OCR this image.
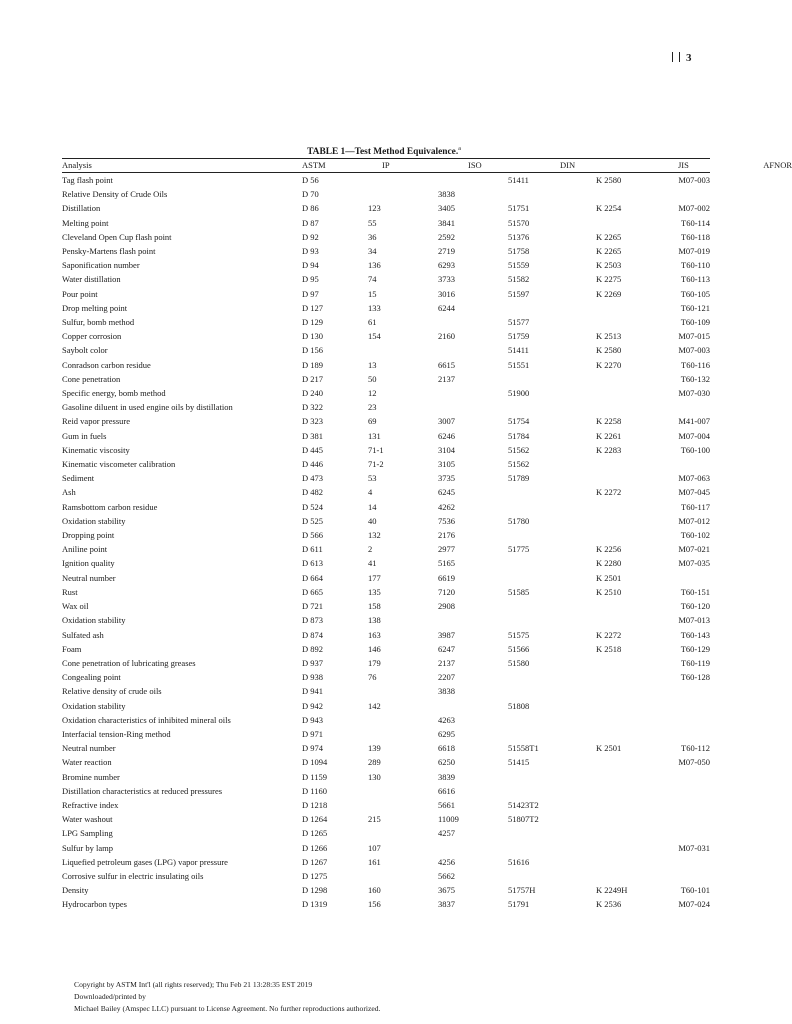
3
TABLE 1—Test Method Equivalence.$^a$
Analysis	ASTM	IP	ISO	DIN	JIS	AFNOR
Tag flash point	D 56			51411	K 2580	M07-003
Relative Density of Crude Oils	D 70		3838			
Distillation	D 86	123	3405	51751	K 2254	M07-002
Melting point	D 87	55	3841	51570		T60-114
Cleveland Open Cup flash point	D 92	36	2592	51376	K 2265	T60-118
Pensky-Martens flash point	D 93	34	2719	51758	K 2265	M07-019
Saponification number	D 94	136	6293	51559	K 2503	T60-110
Water distillation	D 95	74	3733	51582	K 2275	T60-113
Pour point	D 97	15	3016	51597	K 2269	T60-105
Drop melting point	D 127	133	6244			T60-121
Sulfur, bomb method	D 129	61		51577		T60-109
Copper corrosion	D 130	154	2160	51759	K 2513	M07-015
Saybolt color	D 156			51411	K 2580	M07-003
Conradson carbon residue	D 189	13	6615	51551	K 2270	T60-116
Cone penetration	D 217	50	2137			T60-132
Specific energy, bomb method	D 240	12		51900		M07-030
Gasoline diluent in used engine oils by distillation	D 322	23				
Reid vapor pressure	D 323	69	3007	51754	K 2258	M41-007
Gum in fuels	D 381	131	6246	51784	K 2261	M07-004
Kinematic viscosity	D 445	71-1	3104	51562	K 2283	T60-100
Kinematic viscometer calibration	D 446	71-2	3105	51562		
Sediment	D 473	53	3735	51789		M07-063
Ash	D 482	4	6245		K 2272	M07-045
Ramsbottom carbon residue	D 524	14	4262			T60-117
Oxidation stability	D 525	40	7536	51780		M07-012
Dropping point	D 566	132	2176			T60-102
Aniline point	D 611	2	2977	51775	K 2256	M07-021
Ignition quality	D 613	41	5165		K 2280	M07-035
Neutral number	D 664	177	6619		K 2501	
Rust	D 665	135	7120	51585	K 2510	T60-151
Wax oil	D 721	158	2908			T60-120
Oxidation stability	D 873	138				M07-013
Sulfated ash	D 874	163	3987	51575	K 2272	T60-143
Foam	D 892	146	6247	51566	K 2518	T60-129
Cone penetration of lubricating greases	D 937	179	2137	51580		T60-119
Congealing point	D 938	76	2207			T60-128
Relative density of crude oils	D 941		3838			
Oxidation stability	D 942	142		51808		
Oxidation characteristics of inhibited mineral oils	D 943		4263			
Interfacial tension-Ring method	D 971		6295			
Neutral number	D 974	139	6618	51558T1	K 2501	T60-112
Water reaction	D 1094	289	6250	51415		M07-050
Bromine number	D 1159	130	3839			
Distillation characteristics at reduced pressures	D 1160		6616			
Refractive index	D 1218		5661	51423T2		
Water washout	D 1264	215	11009	51807T2		
LPG Sampling	D 1265		4257			
Sulfur by lamp	D 1266	107				M07-031
Liquefied petroleum gases (LPG) vapor pressure	D 1267	161	4256	51616		
Corrosive sulfur in electric insulating oils	D 1275		5662			
Density	D 1298	160	3675	51757H	K 2249H	T60-101
Hydrocarbon types	D 1319	156	3837	51791	K 2536	M07-024
Copyright by ASTM Int'l (all rights reserved); Thu Feb 21 13:28:35 EST 2019
Downloaded/printed by
Michael Bailey (Amspec LLC) pursuant to License Agreement. No further reproductions authorized.
